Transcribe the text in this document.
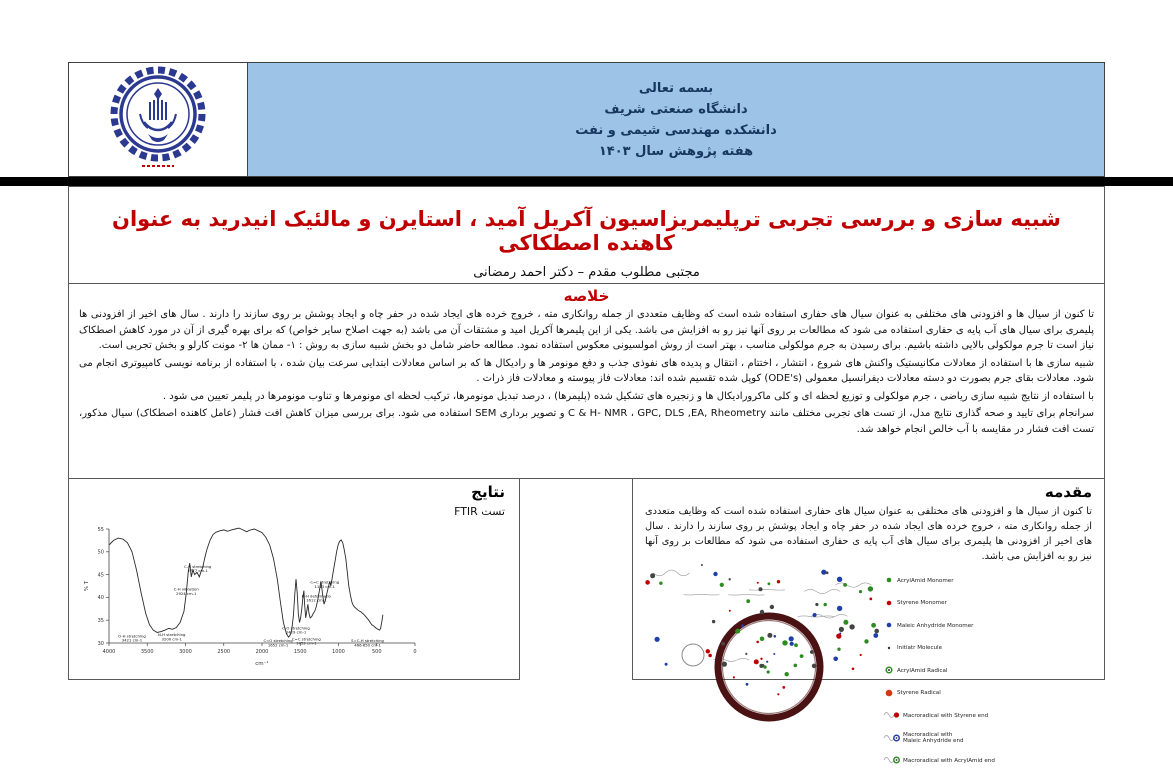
بسمه تعالی
دانشگاه صنعتی شریف
دانشکده مهندسی شیمی و نفت
هفته پژوهش سال ۱۴۰۳
شبیه سازی و بررسی تجربی ترپلیمریزاسیون آکریل آمید ، استایرن و مالئیک انیدرید به عنوان کاهنده اصطکاکی
مجتبی مطلوب مقدم – دکتر احمد رمضانی
خلاصه

تا کنون از سیال ها و افزودنی های مختلفی به عنوان سیال های حفاری استفاده شده است که وظایف متعددی از جمله روانکاری مته ، خروج خرده های ایجاد شده در حفر چاه و ایجاد پوشش بر روی سازند را دارند . سال های اخیر از افزودنی ها پلیمری برای سیال های آب پایه ی حفاری استفاده می شود که مطالعات بر روی آنها نیز رو به افزایش می باشد. یکی از این پلیمرها آکریل امید و مشتقات آن می باشد (به جهت اصلاح سایر خواص) که برای بهره گیری از آن در مورد کاهش اصطکاک نیاز است تا جرم مولکولی بالایی داشته باشیم. برای رسیدن به جرم مولکولی مناسب ، بهتر است از روش امولسیونی معکوس استفاده نمود. مطالعه حاضر شامل دو بخش شبیه سازی به روش : ۱- ممان ها ۲- مونت کارلو و بخش تجربی است.

شبیه سازی ها با استفاده از معادلات مکانیستیک واکنش های شروع ، انتشار ، اختتام ، انتقال و پدیده های نفوذی جذب و دفع مونومر ها و رادیکال ها که بر اساس معادلات ابتدایی سرعت بیان شده ، با استفاده از برنامه نویسی کامپیوتری انجام می شود. معادلات بقای جرم بصورت دو دسته معادلات دیفرانسیل معمولی (ODE's) کوپل شده تقسیم شده اند: معادلات فاز پیوسته و معادلات فاز ذرات .

با استفاده از نتایج شبیه سازی ریاضی ، جرم مولکولی و توزیع لحظه ای و کلی ماکرورادیکال ها و زنجیره های تشکیل شده (پلیمرها) ، درصد تبدیل مونومرها، ترکیب لحظه ای مونومرها و تناوب مونومرها در پلیمر تعیین می شود .

سرانجام برای تایید و صحه گذاری نتایج مدل، از تست های تجربی مختلف مانند C & H- NMR ، GPC, DLS ,EA, Rheometry و تصویر برداری SEM استفاده می شود. برای بررسی میزان کاهش افت فشار (عامل کاهنده اصطکاک) سیال مذکور، تست افت فشار در مقایسه با آب خالص انجام خواهد شد.

نتایج
تست FTIR
4000	3500	3000	2500	2000	1500	1000	500	0
30
35
40
45
50
55
cm⁻¹
% T
O-H stretching 3421 cm-1
N-H stretching 3200 cm-1
C-H vibration 2924 cm-1
C-H stretching 2777 cm-1
C=O stretching 1652 cm-1
C-O stretching 1429 cm-1
C=C stretching 1452 cm-1
N-H deformatio 1612 cm-1
C=C stretching 1113 cm-1
S=C-H stretching 466-650 cm-1
مقدمه

تا کنون از سیال ها و افزودنی های مختلفی به عنوان سیال های حفاری استفاده شده است که وظایف متعددی از جمله روانکاری مته ، خروج خرده های ایجاد شده در حفر چاه و ایجاد پوشش بر روی سازند را دارند . سال های اخیر از افزودنی ها پلیمری برای سیال های آب پایه ی حفاری استفاده می شود که مطالعات بر روی آنها نیز رو به افزایش می باشد.

AcrylAmid Monomer
Styrene Monomer
Maleic Anhydride Monomer
Initiatr Molecule
AcrylAmid Radical
Styrene Radical
Macroradical with Styrene end
Macroradical with
Maleic Anhydride end
Macroradical with AcrylAmid end
